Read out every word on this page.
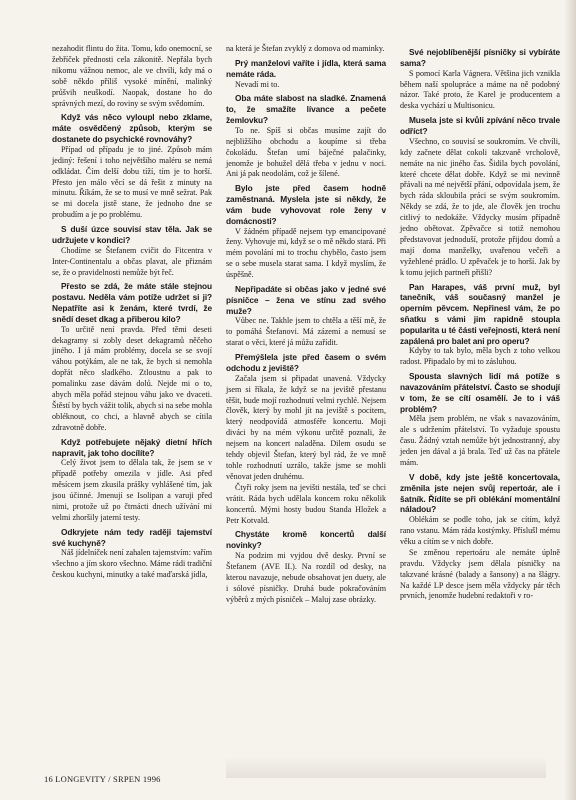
nezahodit flintu do žita. Tomu, kdo onemocní, se žebříček přednosti cela zákonitě. Nepřála bych nikomu vážnou nemoc, ale ve chvíli, kdy má o sobě někdo příliš vysoké mínění, malinký průšvih neuškodí. Naopak, dostane ho do správných mezí, do roviny se svým svědomím.

Když vás něco vyloupl nebo zklame, máte osvědčený způsob, kterým se dostanete do psychické rovnováhy?

Případ od případu je to jiné. Způsob mám jediný: řešení i toho největšího maléru se nemá odkládat. Čím delší dobu tíží, tím je to horší. Přesto jen málo věcí se dá řešit z minuty na minutu. Říkám, že se to musí ve mně sežrat. Pak se mi docela jistě stane, že jednoho dne se probudím a je po problému.

S duší úzce souvisí stav těla. Jak se udržujete v kondici?

Chodíme se Štefanem cvičit do Fitcentra v Inter-Continentalu a občas plavat, ale přiznám se, že o pravidelnosti nemůže být řeč.

Přesto se zdá, že máte stále stejnou postavu. Neděla vám potíže udržet si ji? Nepatříte asi k ženám, které tvrdí, že snědí deset dkag a přiberou kilo?

To určitě není pravda. Před těmi deseti dekagramy si zobly deset dekagramů něčeho jiného. I já mám problémy, docela se se svojí váhou potýkám, ale ne tak, že bych si nemohla dopřát něco sladkého. Ztloustnu a pak to pomalinku zase dávám dolů. Nejde mi o to, abych měla pořád stejnou váhu jako ve dvaceti. Štěstí by bych vážit tolik, abych si na sebe mohla obléknout, co chci, a hlavně abych se cítila zdravotně dobře.

Když potřebujete nějaký dietní hřích napravit, jak toho docílíte?

Celý život jsem to dělala tak, že jsem se v případě potřeby omezila v jídle. Asi před měsícem jsem zkusila prášky vyhlášené tím, jak jsou účinné. Jmenují se Isolipan a varuji před nimi, protože už po čtrnácti dnech užívání mi velmi zhoršily jaterní testy.

Odkryjete nám tedy raději tajemství své kuchyně?

Náš jídelníček není zahalen tajemstvím: vařím všechno a jím skoro všechno. Máme rádi tradiční českou kuchyni, minutky a také maďarská jídla,

na která je Štefan zvyklý z domova od maminky.

Prý manželovi vaříte i jídla, která sama nemáte ráda.

Nevadí mi to.

Oba máte slabost na sladké. Znamená to, že smažíte lívance a pečete žemlovku?

To ne. Spíš si občas musíme zajít do nejbližšího obchodu a koupíme si třeba čokoládu. Štefan umí báječné palačinky, jenomže je bohužel dělá třeba v jednu v noci. Ani já pak neodolám, což je šílené.

Bylo jste před časem hodně zaměstnaná. Myslela jste si někdy, že vám bude vyhovovat role ženy v domácnosti?

V žádném případě nejsem typ emancipované ženy. Vyhovuje mi, když se o mě někdo stará. Při mém povolání mi to trochu chybělo, často jsem se o sebe musela starat sama. I když myslím, že úspěšně.

Nepřipadáte si občas jako v jedné své písničce – žena ve stínu zad svého muže?

Vůbec ne. Takhle jsem to chtěla a těší mě, že to pomáhá Štefanovi. Má zázemí a nemusí se starat o věci, které já můžu zařídit.

Přemýšlela jste před časem o svém odchodu z jeviště?

Začala jsem si připadat unavená. Vždycky jsem si říkala, že když se na jeviště přestanu těšit, bude mojí rozhodnutí velmi rychlé. Nejsem člověk, který by mohl jít na jeviště s pocitem, který neodpovídá atmosféře koncertu. Moji diváci by na mém výkonu určitě poznali, že nejsem na koncert naladěna. Dilem osudu se tehdy objevil Štefan, který byl rád, že ve mně tohle rozhodnutí uzrálo, takže jsme se mohli věnovat jeden druhému.

Čtyři roky jsem na jevišti nestála, teď se chci vrátit. Ráda bych udělala koncem roku několik koncertů. Mými hosty budou Standa Hložek a Petr Kotvald.

Chystáte kromě koncertů další novinky?

Na podzim mi vyjdou dvě desky. První se Štefanem (AVE II.). Na rozdíl od desky, na kterou navazuje, nebude obsahovat jen duety, ale i sólové písničky. Druhá bude pokračováním výběrů z mých písniček – Maluj zase obrázky.

Své nejoblíbenější písničky si vybíráte sama?

S pomocí Karla Vágnera. Většina jich vznikla během naší spolupráce a máme na ně podobný názor. Také proto, že Karel je producentem a deska vychází u Multisonicu.

Musela jste si kvůli zpívání něco trvale odříct?

Všechno, co souvisí se soukromím. Ve chvíli, kdy začnete dělat cokoli takzvaně vrcholově, nemáte na nic jiného čas. Šidila bych povolání, které chcete dělat dobře. Když se mi nevinně přávali na mé největší přání, odpovídala jsem, že bych ráda skloubila práci se svým soukromím. Někdy se zdá, že to jde, ale člověk jen trochu citlivý to nedokáže. Vždycky musím případně jedno obětovat. Zpěvačce si totiž nemohou představovat jednoduší, protože přijdou domů a mají doma manželky, uvařenou večeři a vyžehlené prádlo. U zpěvaček je to horší. Jak by k tomu jejich partneři přišli?

Pan Harapes, váš první muž, byl tanečník, váš současný manžel je operním pěvcem. Nepřinesl vám, že po sňatku s vámi jim rapidně stoupla popularita u té části veřejnosti, která není zapálená pro balet ani pro operu?

Kdyby to tak bylo, měla bych z toho velkou radost. Připadalo by mi to zásluhou.

Spousta slavných lidí má potíže s navazováním přátelství. Často se shodují v tom, že se cítí osamělí. Je to i váš problém?

Měla jsem problém, ne však s navazováním, ale s udržením přátelství. To vyžaduje spoustu času. Žádný vztah nemůže být jednostranný, aby jeden jen dával a já brala. Teď už čas na přátele mám.

V době, kdy jste ještě koncertovala, změnila jste nejen svůj repertoár, ale i šatník. Řídíte se při oblékání momentální náladou?

Oblékám se podle toho, jak se cítím, když rano vstanu. Mám ráda kostýmky. Příslušl mému věku a cítím se v nich dobře.

Se změnou repertoáru ale nemáte úplně pravdu. Vždycky jsem dělala písničky na takzvané krásné (balady a šansony) a na šlágry. Na každé LP desce jsem měla vždycky pár těch prvních, jenomže hudební redaktoři v ro-

16 LONGEVITY / SRPEN 1996
